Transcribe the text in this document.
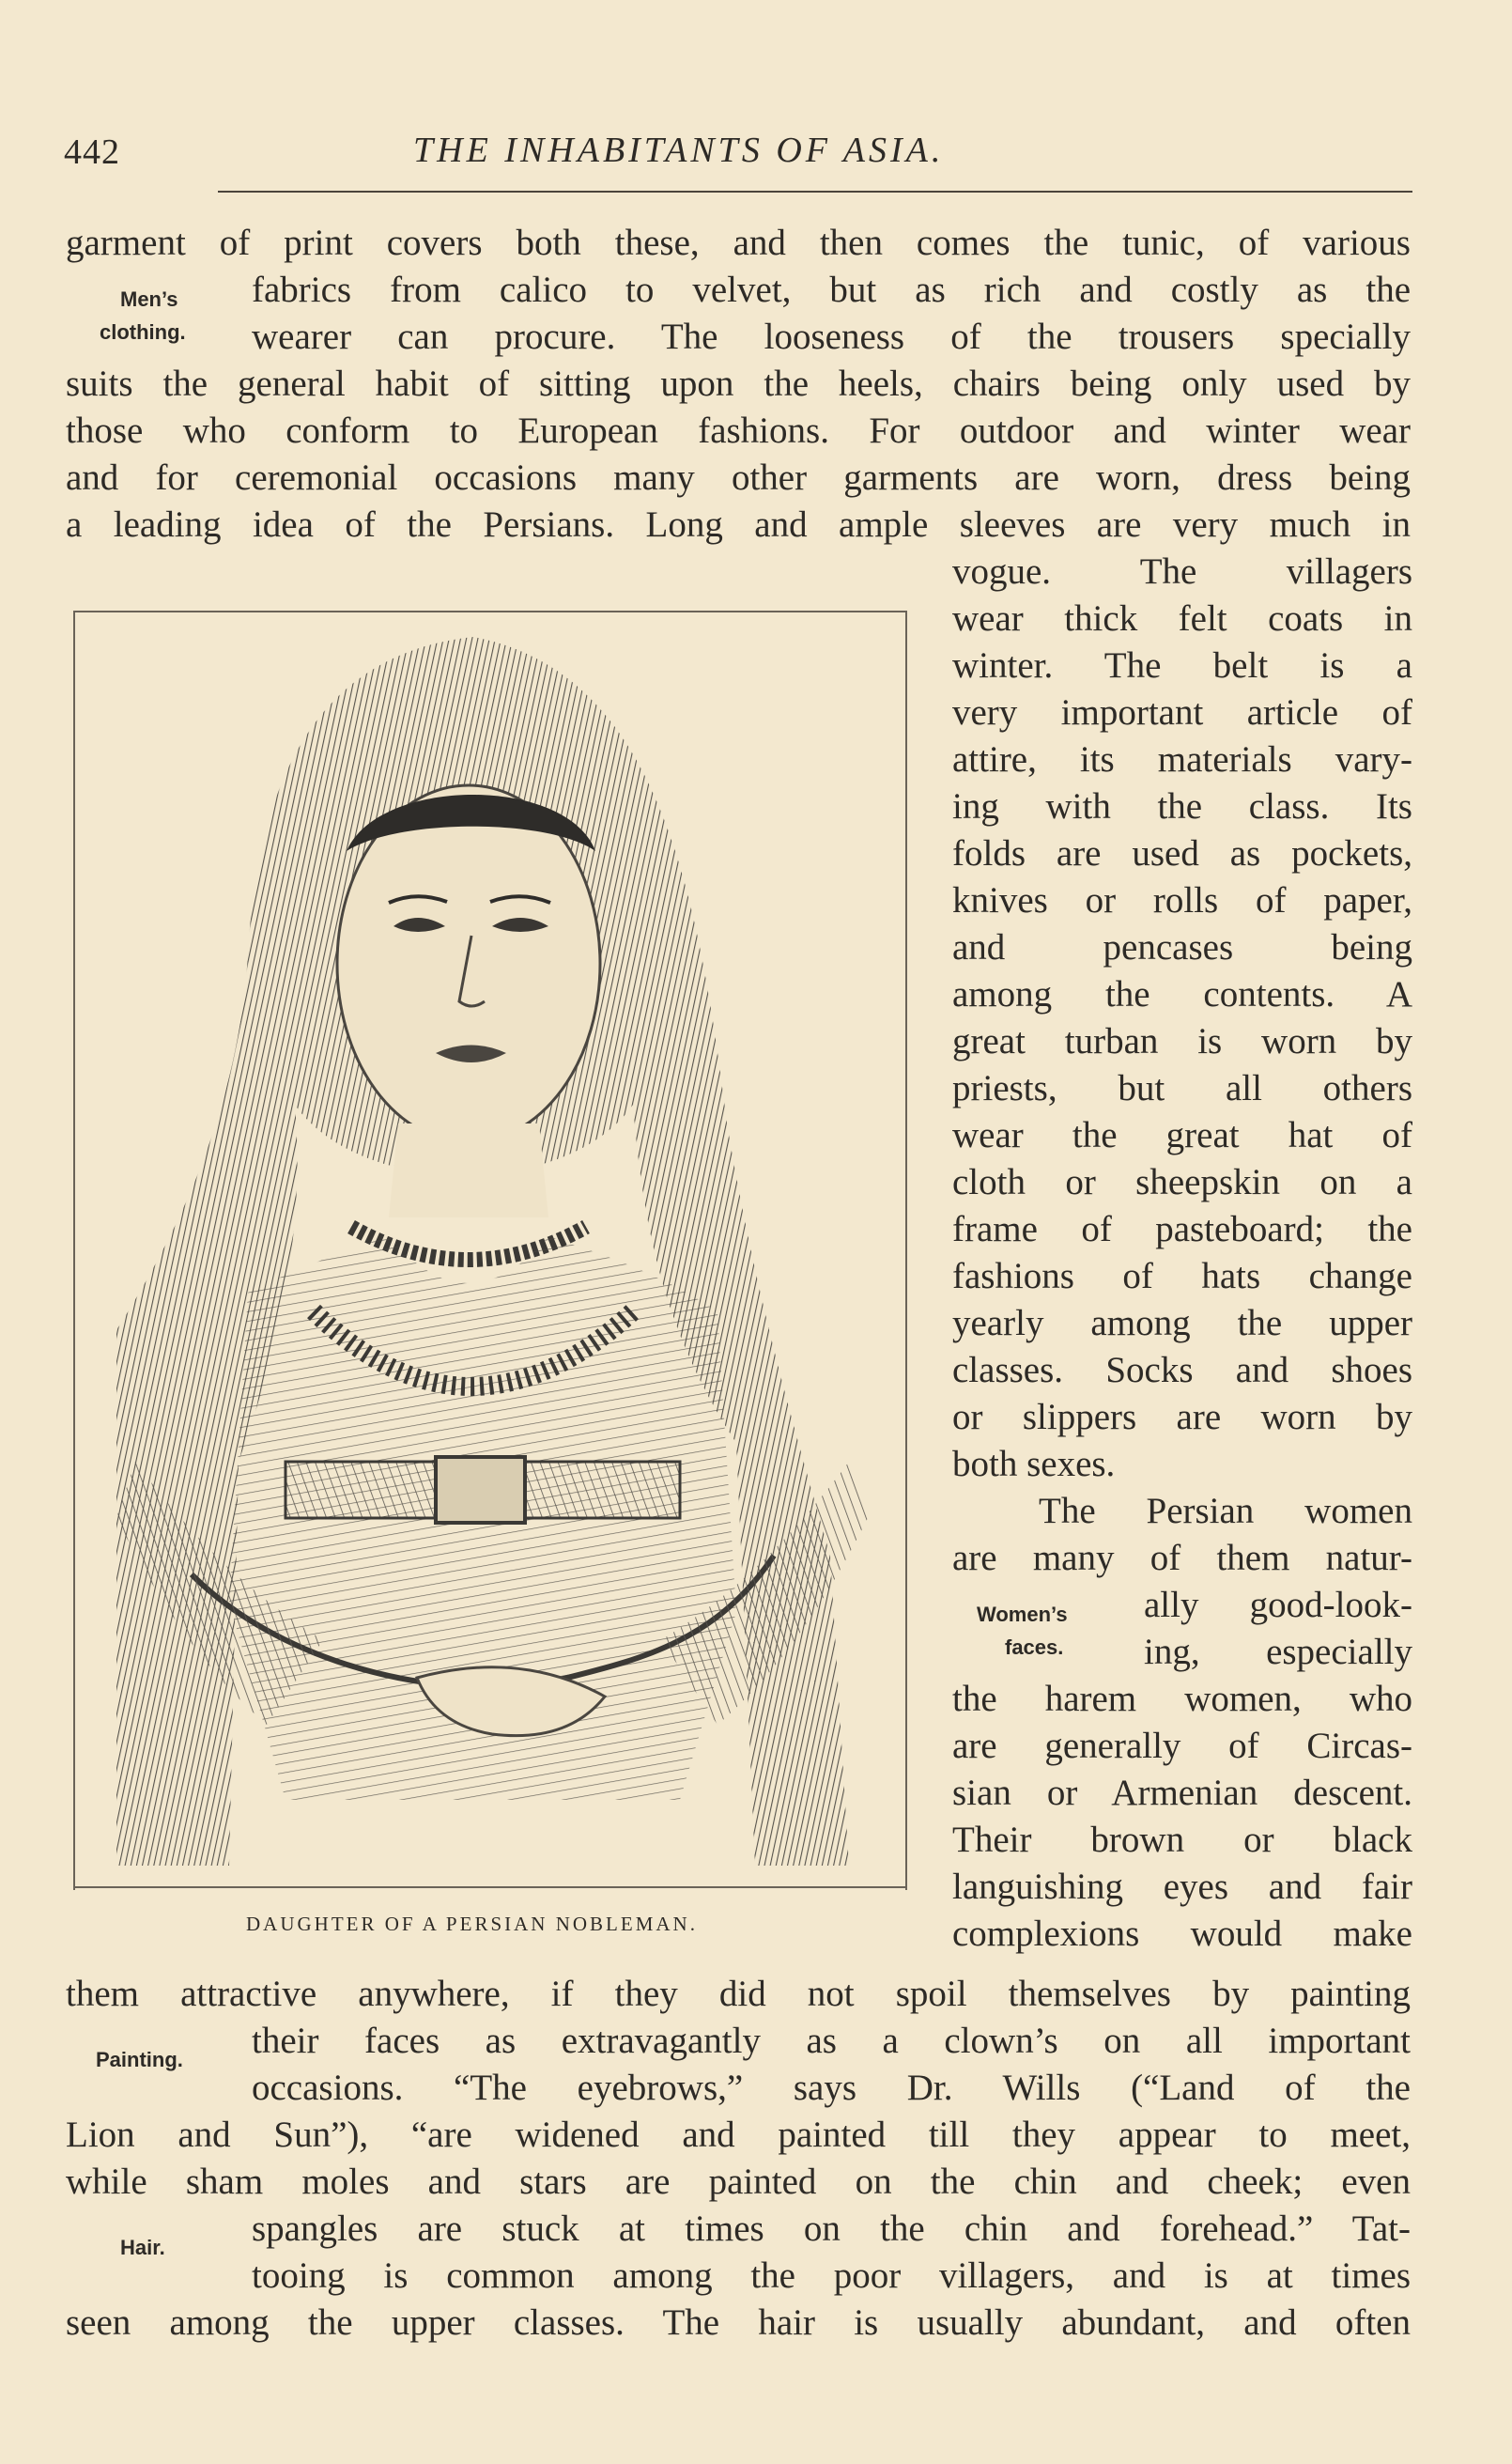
442	THE INHABITANTS OF ASIA.
garment of print covers both these, and then comes the tunic, of various
fabrics from calico to velvet, but as rich and costly as the
wearer can procure. The looseness of the trousers specially
suits the general habit of sitting upon the heels, chairs being only used by
those who conform to European fashions. For outdoor and winter wear
and for ceremonial occasions many other garments are worn, dress being
a leading idea of the Persians. Long and ample sleeves are very much in
Men’s
clothing.
vogue. The villagers
wear thick felt coats in
winter. The belt is a
very important article of
attire, its materials vary-
ing with the class. Its
folds are used as pockets,
knives or rolls of paper,
and pencases being
among the contents. A
great turban is worn by
priests, but all others
wear the great hat of
cloth or sheepskin on a
frame of pasteboard; the
fashions of hats change
yearly among the upper
classes. Socks and shoes
or slippers are worn by
both sexes.
The Persian women
are many of them natur-
ally good-look-
ing, especially
the harem women, who
are generally of Circas-
sian or Armenian descent.
Their brown or black
languishing eyes and fair
complexions would make
Women’s
faces.
them attractive anywhere, if they did not spoil themselves by painting
their faces as extravagantly as a clown’s on all important
occasions. “The eyebrows,” says Dr. Wills (“Land of the
Lion and Sun”), “are widened and painted till they appear to meet,
while sham moles and stars are painted on the chin and cheek; even
spangles are stuck at times on the chin and forehead.” Tat-
tooing is common among the poor villagers, and is at times
seen among the upper classes. The hair is usually abundant, and often
Painting.
Hair.
DAUGHTER OF A PERSIAN NOBLEMAN.
